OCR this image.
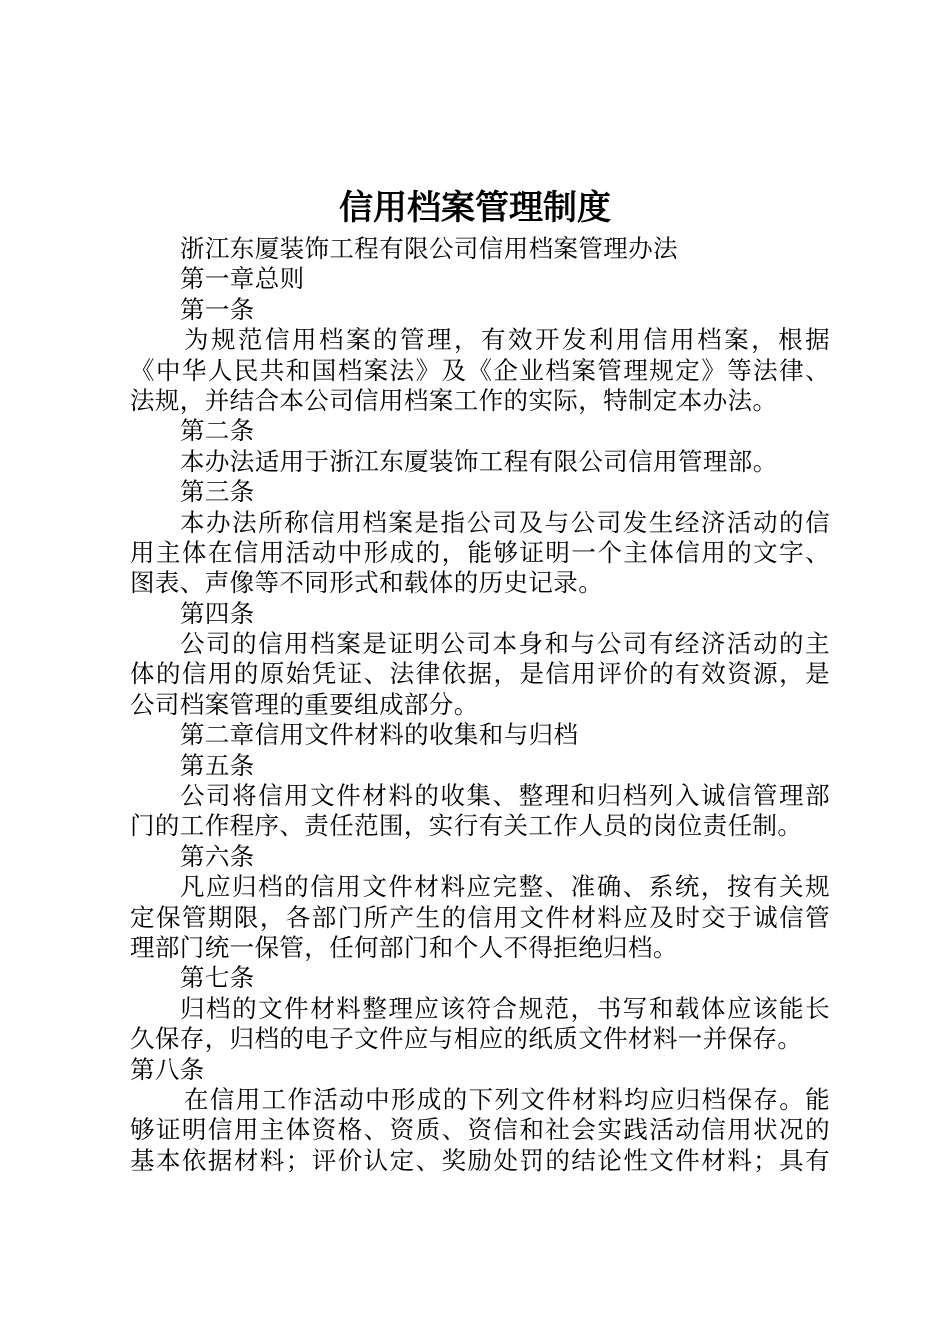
信用档案管理制度
浙江东厦装饰工程有限公司信用档案管理办法
第一章总则
第一条
为规范信用档案的管理，有效开发利用信用档案，根据
《中华人民共和国档案法》及《企业档案管理规定》等法律、
法规，并结合本公司信用档案工作的实际，特制定本办法。
第二条
本办法适用于浙江东厦装饰工程有限公司信用管理部。
第三条
本办法所称信用档案是指公司及与公司发生经济活动的信
用主体在信用活动中形成的，能够证明一个主体信用的文字、
图表、声像等不同形式和载体的历史记录。
第四条
公司的信用档案是证明公司本身和与公司有经济活动的主
体的信用的原始凭证、法律依据，是信用评价的有效资源，是
公司档案管理的重要组成部分。
第二章信用文件材料的收集和与归档
第五条
公司将信用文件材料的收集、整理和归档列入诚信管理部
门的工作程序、责任范围，实行有关工作人员的岗位责任制。
第六条
凡应归档的信用文件材料应完整、准确、系统，按有关规
定保管期限，各部门所产生的信用文件材料应及时交于诚信管
理部门统一保管，任何部门和个人不得拒绝归档。
第七条
归档的文件材料整理应该符合规范，书写和载体应该能长
久保存，归档的电子文件应与相应的纸质文件材料一并保存。
第八条
在信用工作活动中形成的下列文件材料均应归档保存。能
够证明信用主体资格、资质、资信和社会实践活动信用状况的
基本依据材料；评价认定、奖励处罚的结论性文件材料；具有
